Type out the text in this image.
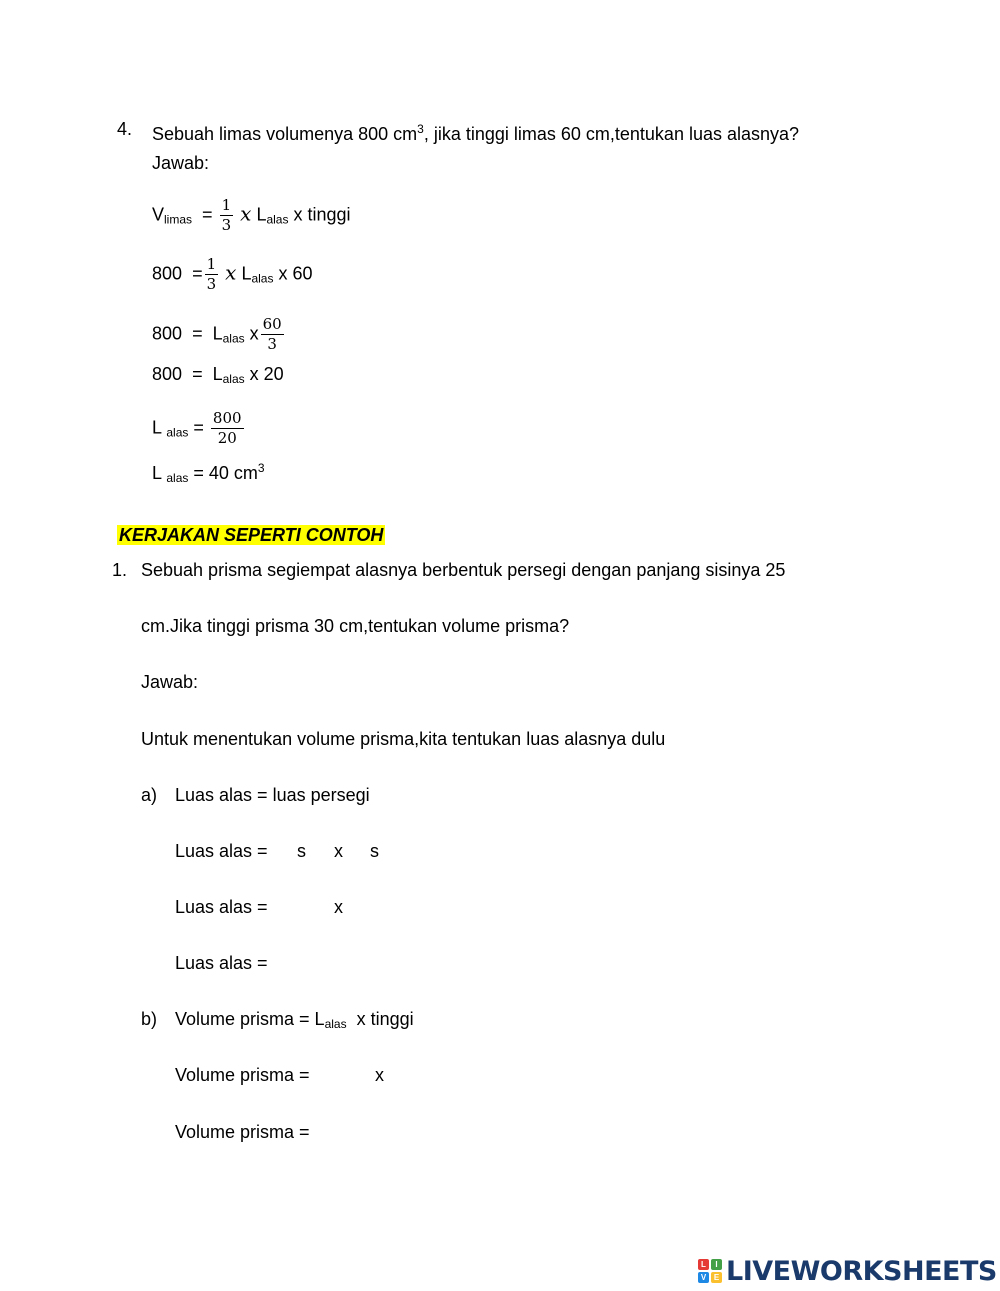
4. Sebuah limas volumenya 800 $cm^3$, jika tinggi limas 60 cm,tentukan luas alasnya?
Jawab:
$V_{limas} = \frac{1}{3}$ 𝑥 $L_{alas}$ x tinggi
$800 = \frac{1}{3}$ 𝑥 $L_{alas}$ x 60
$800 = L_{alas}$ x $\frac{60}{3}$
$800 = L_{alas}$ x 20
L $_{alas} = \frac{800}{20}$
L $_{alas}$ = 40 $cm^3$
KERJAKAN SEPERTI CONTOH
1. Sebuah prisma segiempat alasnya berbentuk persegi dengan panjang sisinya 25
cm.Jika tinggi prisma 30 cm,tentukan volume prisma?
Jawab:
Untuk menentukan volume prisma,kita tentukan luas alasnya dulu
a) Luas alas = luas persegi
Luas alas = s x s
Luas alas =	x
Luas alas =
b) Volume prisma = $L_{alas}$ x tinggi
Volume prisma =	x
Volume prisma =
L	I
V E LIVEWORKSHEETS
